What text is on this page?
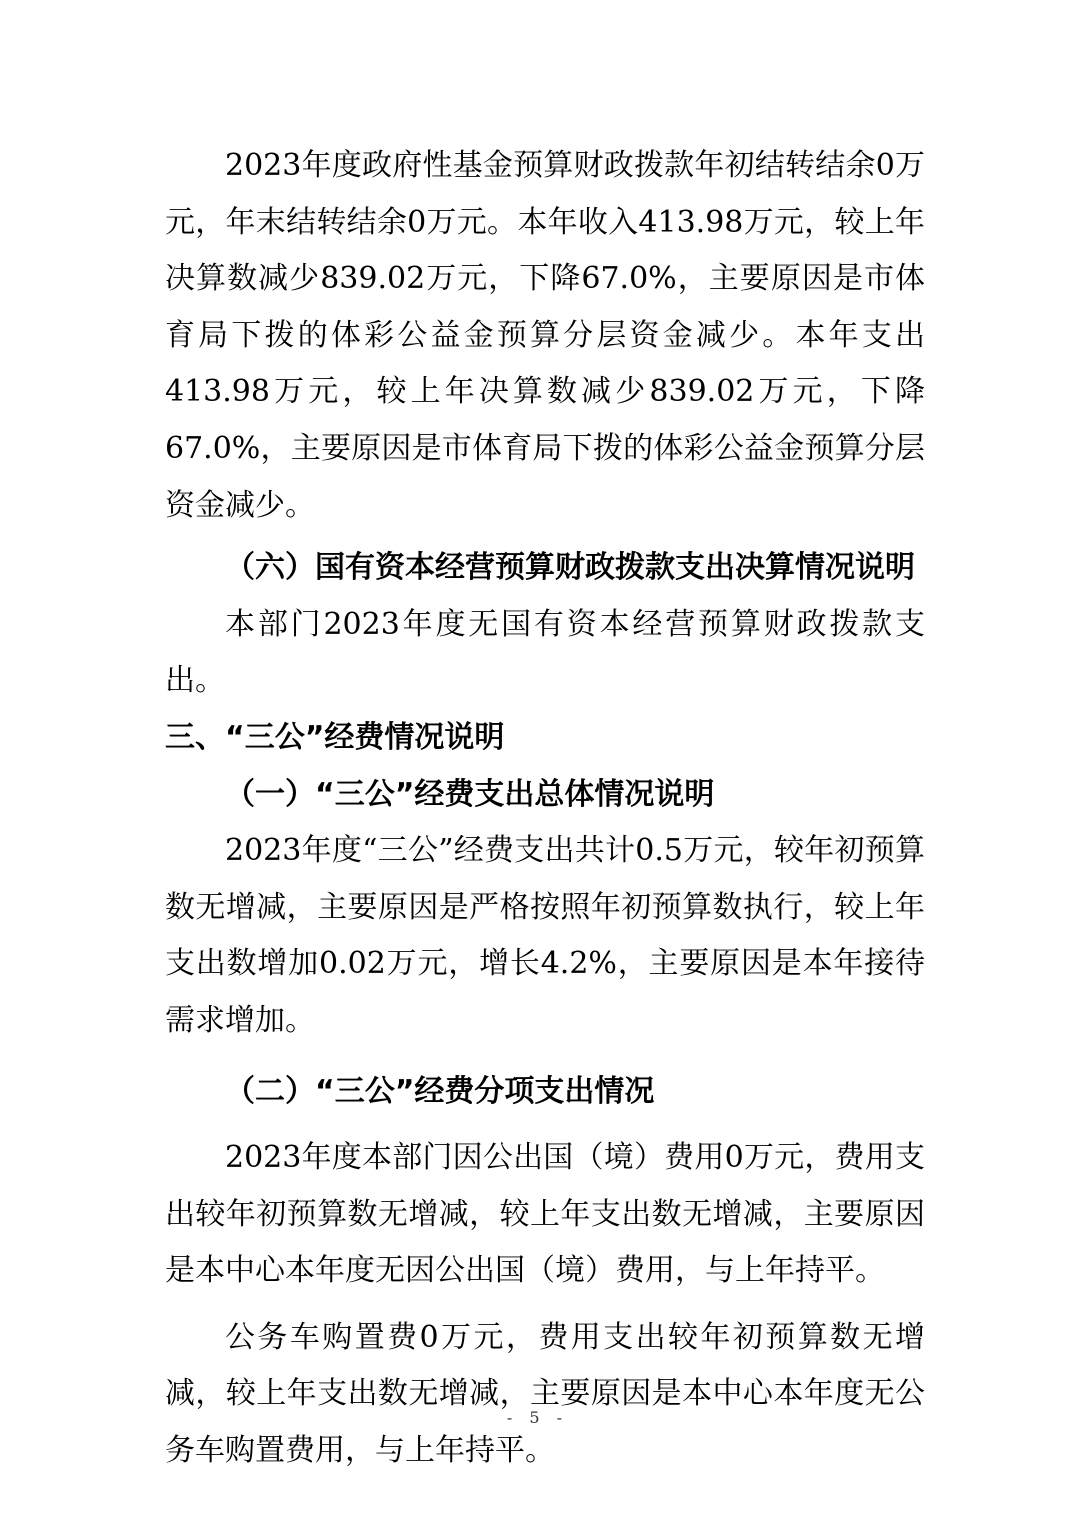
2023年度政府性基金预算财政拨款年初结转结余0万元，年末结转结余0万元。本年收入413.98万元，较上年决算数减少839.02万元，下降67.0%，主要原因是市体育局下拨的体彩公益金预算分层资金减少。本年支出413.98万元，较上年决算数减少839.02万元，下降67.0%，主要原因是市体育局下拨的体彩公益金预算分层资金减少。

（六）国有资本经营预算财政拨款支出决算情况说明

本部门2023年度无国有资本经营预算财政拨款支出。

三、“三公”经费情况说明

（一）“三公”经费支出总体情况说明

2023年度“三公”经费支出共计0.5万元，较年初预算数无增减，主要原因是严格按照年初预算数执行，较上年支出数增加0.02万元，增长4.2%，主要原因是本年接待需求增加。

（二）“三公”经费分项支出情况

2023年度本部门因公出国（境）费用0万元，费用支出较年初预算数无增减，较上年支出数无增减，主要原因是本中心本年度无因公出国（境）费用，与上年持平。

公务车购置费0万元，费用支出较年初预算数无增减，较上年支出数无增减，主要原因是本中心本年度无公务车购置费用，与上年持平。

- 5 -
